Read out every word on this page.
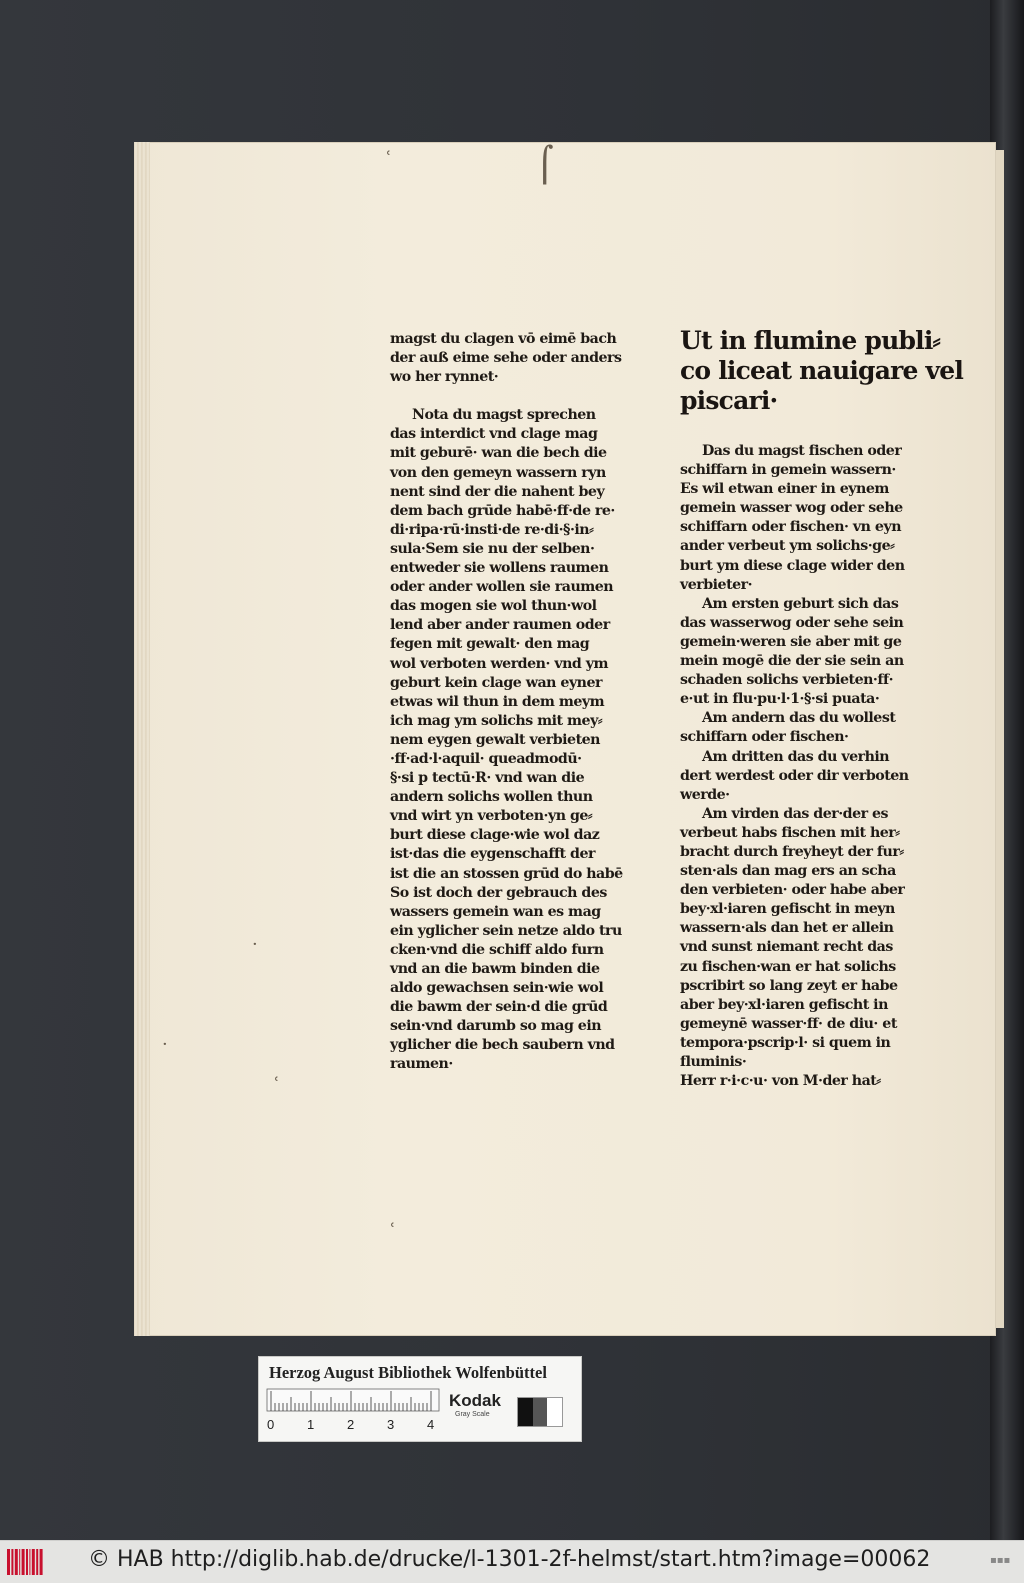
ʿ	⌠
·
·
ʿ
ʿ
magst du clagen vō eimē bach
der auß eime sehe oder anders
wo her rynnet·
Nota du magst sprechen
das interdict vnd clage mag
mit geburē· wan die bech die
von den gemeyn wassern ryn
nent sind der die nahent bey
dem bach grūde habē·ff·de re·
di·ripa·rū·insti·de re·di·§·in⸗
sula·Sem sie nu der selben·
entweder sie wollens raumen
oder ander wollen sie raumen
das mogen sie wol thun·wol
lend aber ander raumen oder
fegen mit gewalt· den mag
wol verboten werden· vnd ym
geburt kein clage wan eyner
etwas wil thun in dem meym
ich mag ym solichs mit mey⸗
nem eygen gewalt verbieten
·ff·ad·l·aquil· queadmodū·
§·si p tectū·R· vnd wan die
andern solichs wollen thun
vnd wirt yn verboten·yn ge⸗
burt diese clage·wie wol daz
ist·das die eygenschafft der
ist die an stossen grūd do habē
So ist doch der gebrauch des
wassers gemein wan es mag
ein yglicher sein netze aldo tru
cken·vnd die schiff aldo furn
vnd an die bawm binden die
aldo gewachsen sein·wie wol
die bawm der sein·d die grūd
sein·vnd darumb so mag ein
yglicher die bech saubern vnd
raumen·
Ut in flumine publi⸗
co liceat nauigare vel
piscari·
Das du magst fischen oder
schiffarn in gemein wassern·
Es wil etwan einer in eynem
gemein wasser wog oder sehe
schiffarn oder fischen· vn eyn
ander verbeut ym solichs·ge⸗
burt ym diese clage wider den
verbieter·
Am ersten geburt sich das
das wasserwog oder sehe sein
gemein·weren sie aber mit ge
mein mogē die der sie sein an
schaden solichs verbieten·ff·
e·ut in flu·pu·l·1·§·si puata·
Am andern das du wollest
schiffarn oder fischen·
Am dritten das du verhin
dert werdest oder dir verboten
werde·
Am virden das der·der es
verbeut habs fischen mit her⸗
bracht durch freyheyt der fur⸗
sten·als dan mag ers an scha
den verbieten· oder habe aber
bey·xl·iaren gefischt in meyn
wassern·als dan het er allein
vnd sunst niemant recht das
zu fischen·wan er hat solichs
pscribirt so lang zeyt er habe
aber bey·xl·iaren gefischt in
gemeynē wasser·ff· de diu· et
tempora·pscrip·l· si quem in
fluminis·
Herr r·i·c·u· von M·der hat⸗
Herzog August Bibliothek Wolfenbüttel
0	1	2	3	4
Kodak
Gray Scale
© HAB http://diglib.hab.de/drucke/l-1301-2f-helmst/start.htm?image=00062	▪▪▪
